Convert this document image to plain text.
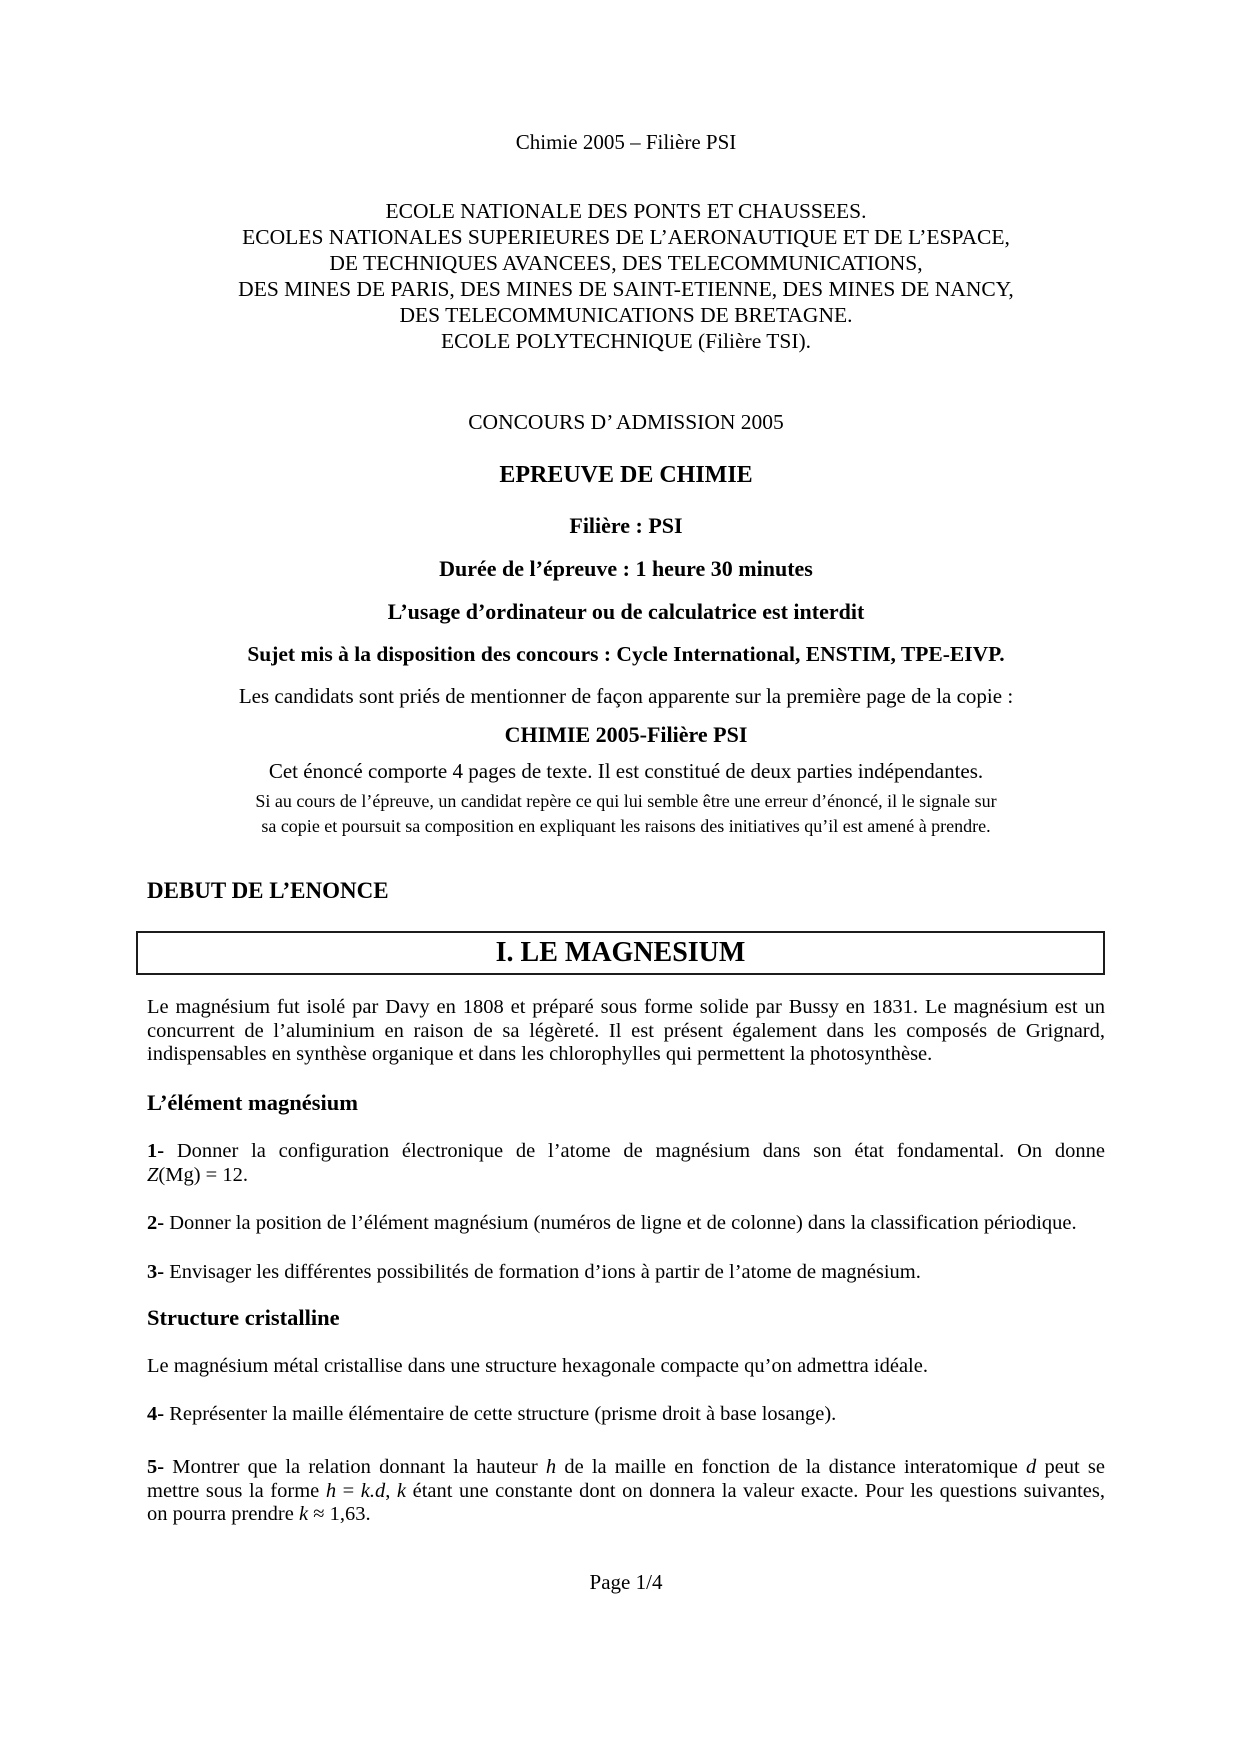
Chimie 2005 – Filière PSI
ECOLE NATIONALE DES PONTS ET CHAUSSEES.
ECOLES NATIONALES SUPERIEURES DE L’AERONAUTIQUE ET DE L’ESPACE,
DE TECHNIQUES AVANCEES, DES TELECOMMUNICATIONS,
DES MINES DE PARIS, DES MINES DE SAINT-ETIENNE, DES MINES DE NANCY,
DES TELECOMMUNICATIONS DE BRETAGNE.
ECOLE POLYTECHNIQUE (Filière TSI).
CONCOURS D’ ADMISSION 2005
EPREUVE DE CHIMIE
Filière : PSI
Durée de l’épreuve : 1 heure 30 minutes
L’usage d’ordinateur ou de calculatrice est interdit
Sujet mis à la disposition des concours : Cycle International, ENSTIM, TPE-EIVP.
Les candidats sont priés de mentionner de façon apparente sur la première page de la copie :
CHIMIE 2005-Filière PSI
Cet énoncé comporte 4 pages de texte. Il est constitué de deux parties indépendantes.
Si au cours de l’épreuve, un candidat repère ce qui lui semble être une erreur d’énoncé, il le signale sur
sa copie et poursuit sa composition en expliquant les raisons des initiatives qu’il est amené à prendre.
DEBUT DE L’ENONCE
I. LE MAGNESIUM
Le magnésium fut isolé par Davy en 1808 et préparé sous forme solide par Bussy en 1831. Le magnésium est un
concurrent de l’aluminium en raison de sa légèreté. Il est présent également dans les composés de Grignard,
indispensables en synthèse organique et dans les chlorophylles qui permettent la photosynthèse.
L’élément magnésium
1- Donner la configuration électronique de l’atome de magnésium dans son état fondamental. On donne
Z(Mg) = 12.
2- Donner la position de l’élément magnésium (numéros de ligne et de colonne) dans la classification périodique.
3- Envisager les différentes possibilités de formation d’ions à partir de l’atome de magnésium.
Structure cristalline
Le magnésium métal cristallise dans une structure hexagonale compacte qu’on admettra idéale.
4- Représenter la maille élémentaire de cette structure (prisme droit à base losange).
5- Montrer que la relation donnant la hauteur h de la maille en fonction de la distance interatomique d peut se
mettre sous la forme h = k.d, k étant une constante dont on donnera la valeur exacte. Pour les questions suivantes,
on pourra prendre k ≈ 1,63.
Page 1/4
